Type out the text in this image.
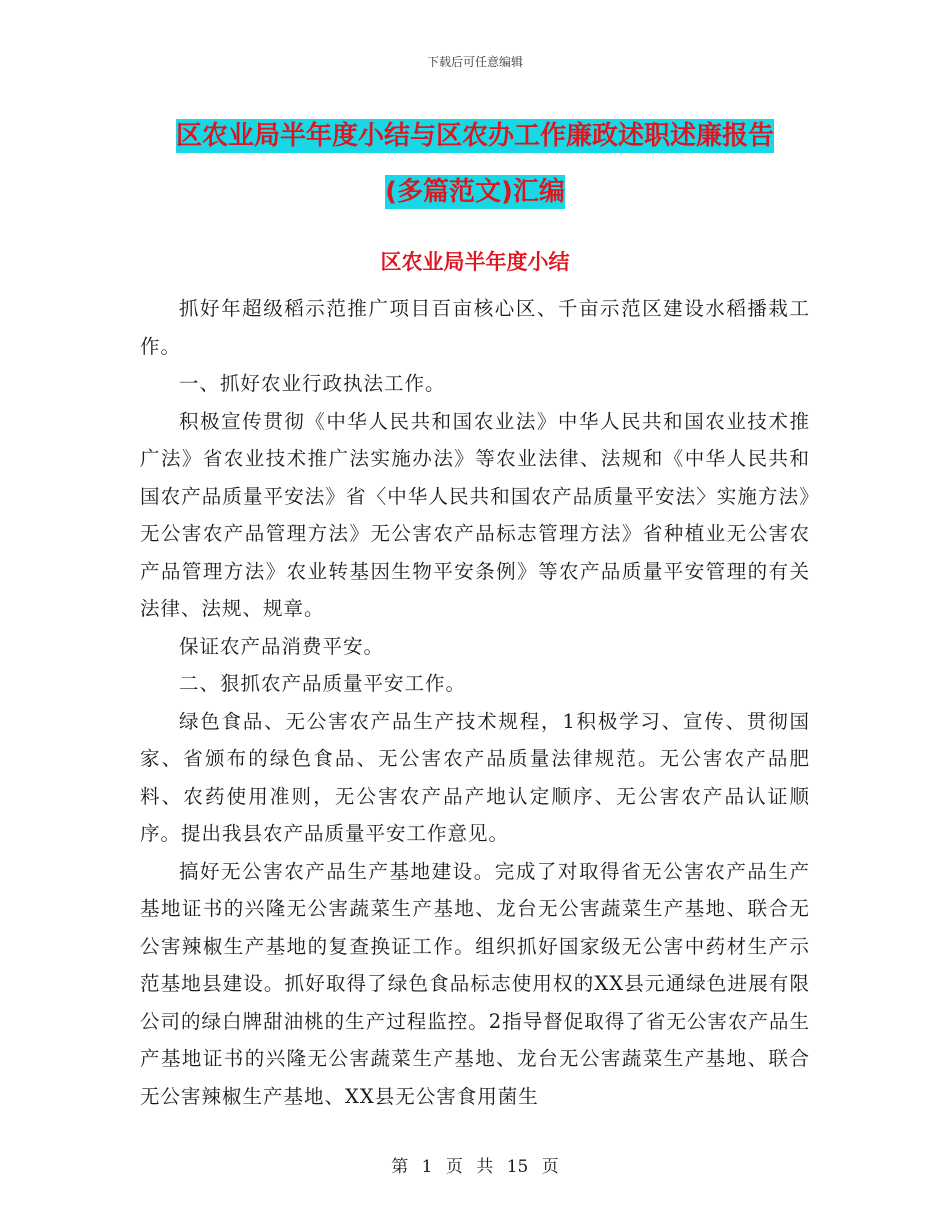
下载后可任意编辑
区农业局半年度小结与区农办工作廉政述职述廉报告
(多篇范文)汇编
区农业局半年度小结

抓好年超级稻示范推广项目百亩核心区、千亩示范区建设水稻播栽工作。

一、抓好农业行政执法工作。

积极宣传贯彻《中华人民共和国农业法》中华人民共和国农业技术推广法》省农业技术推广法实施办法》等农业法律、法规和《中华人民共和国农产品质量平安法》省〈中华人民共和国农产品质量平安法〉实施方法》无公害农产品管理方法》无公害农产品标志管理方法》省种植业无公害农产品管理方法》农业转基因生物平安条例》等农产品质量平安管理的有关法律、法规、规章。

保证农产品消费平安。

二、狠抓农产品质量平安工作。

绿色食品、无公害农产品生产技术规程，1积极学习、宣传、贯彻国家、省颁布的绿色食品、无公害农产品质量法律规范。无公害农产品肥料、农药使用准则，无公害农产品产地认定顺序、无公害农产品认证顺序。提出我县农产品质量平安工作意见。

搞好无公害农产品生产基地建设。完成了对取得省无公害农产品生产基地证书的兴隆无公害蔬菜生产基地、龙台无公害蔬菜生产基地、联合无公害辣椒生产基地的复查换证工作。组织抓好国家级无公害中药材生产示范基地县建设。抓好取得了绿色食品标志使用权的XX县元通绿色进展有限公司的绿白牌甜油桃的生产过程监控。2指导督促取得了省无公害农产品生产基地证书的兴隆无公害蔬菜生产基地、龙台无公害蔬菜生产基地、联合无公害辣椒生产基地、XX县无公害食用菌生

第 1 页 共 15 页
